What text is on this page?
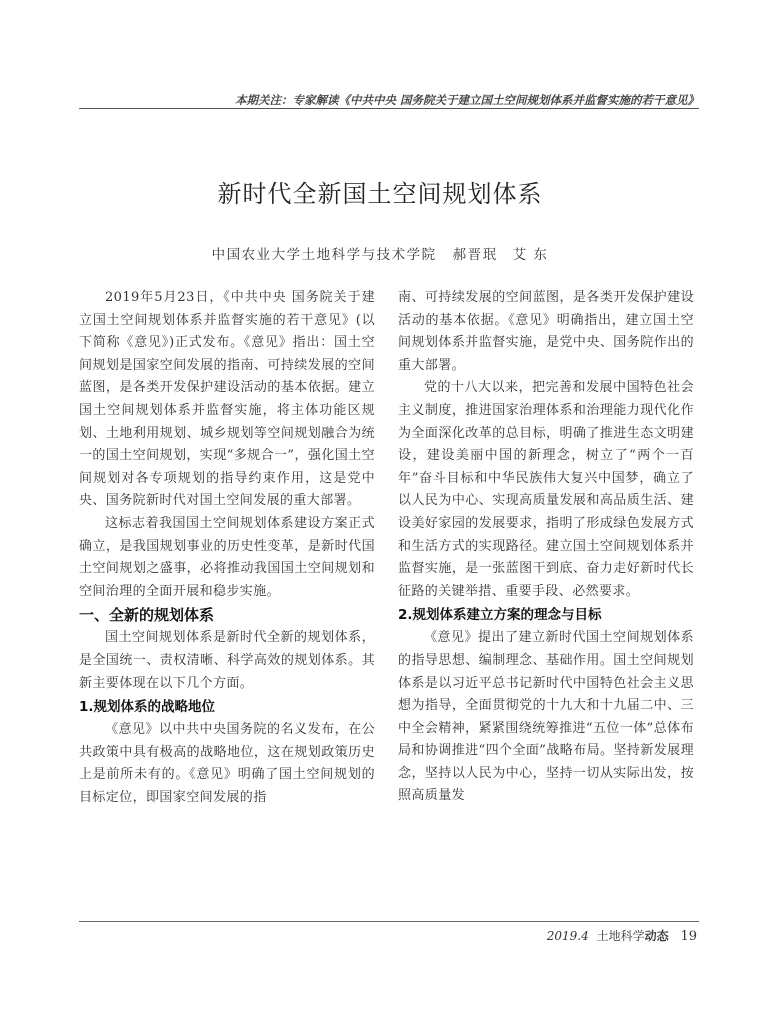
本期关注：专家解读《中共中央 国务院关于建立国土空间规划体系并监督实施的若干意见》
新时代全新国土空间规划体系
中国农业大学土地科学与技术学院 郝晋珉　艾 东

2019年5月23日，《中共中央 国务院关于建立国土空间规划体系并监督实施的若干意见》(以下简称《意见》)正式发布。《意见》指出：国土空间规划是国家空间发展的指南、可持续发展的空间蓝图，是各类开发保护建设活动的基本依据。建立国土空间规划体系并监督实施，将主体功能区规划、土地利用规划、城乡规划等空间规划融合为统一的国土空间规划，实现“多规合一”，强化国土空间规划对各专项规划的指导约束作用，这是党中央、国务院新时代对国土空间发展的重大部署。

这标志着我国国土空间规划体系建设方案正式确立，是我国规划事业的历史性变革，是新时代国土空间规划之盛事，必将推动我国国土空间规划和空间治理的全面开展和稳步实施。

一、全新的规划体系

国土空间规划体系是新时代全新的规划体系，是全国统一、责权清晰、科学高效的规划体系。其新主要体现在以下几个方面。

1.规划体系的战略地位

《意见》以中共中央国务院的名义发布，在公共政策中具有极高的战略地位，这在规划政策历史上是前所未有的。《意见》明确了国土空间规划的目标定位，即国家空间发展的指

南、可持续发展的空间蓝图，是各类开发保护建设活动的基本依据。《意见》明确指出，建立国土空间规划体系并监督实施，是党中央、国务院作出的重大部署。

党的十八大以来，把完善和发展中国特色社会主义制度，推进国家治理体系和治理能力现代化作为全面深化改革的总目标，明确了推进生态文明建设，建设美丽中国的新理念，树立了“两个一百年”奋斗目标和中华民族伟大复兴中国梦，确立了以人民为中心、实现高质量发展和高品质生活、建设美好家园的发展要求，指明了形成绿色发展方式和生活方式的实现路径。建立国土空间规划体系并监督实施，是一张蓝图干到底、奋力走好新时代长征路的关键举措、重要手段、必然要求。

2.规划体系建立方案的理念与目标

《意见》提出了建立新时代国土空间规划体系的指导思想、编制理念、基础作用。国土空间规划体系是以习近平总书记新时代中国特色社会主义思想为指导，全面贯彻党的十九大和十九届二中、三中全会精神，紧紧围绕统筹推进“五位一体”总体布局和协调推进“四个全面”战略布局。坚持新发展理念，坚持以人民为中心，坚持一切从实际出发，按照高质量发

2019.4 土地科学动态 19
